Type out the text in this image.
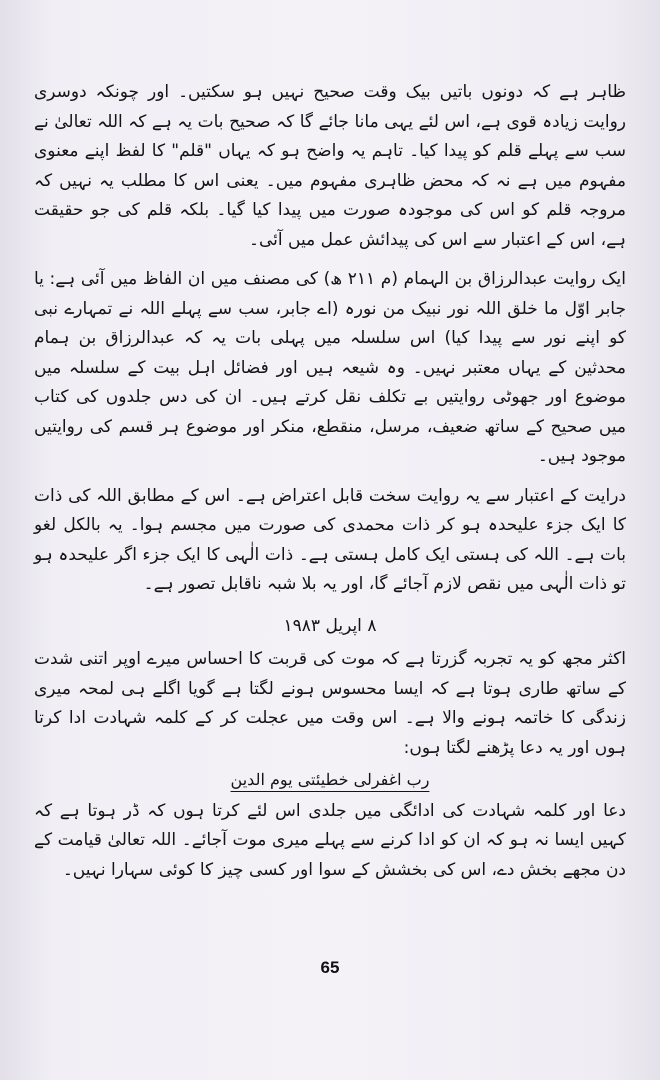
ظاہر ہے کہ دونوں باتیں بیک وقت صحیح نہیں ہو سکتیں۔ اور چونکہ دوسری روایت زیادہ قوی ہے، اس لئے یہی مانا جائے گا کہ صحیح بات یہ ہے کہ اللہ تعالیٰ نے سب سے پہلے قلم کو پیدا کیا۔ تاہم یہ واضح ہو کہ یہاں "قلم" کا لفظ اپنے معنوی مفہوم میں ہے نہ کہ محض ظاہری مفہوم میں۔ یعنی اس کا مطلب یہ نہیں کہ مروجہ قلم کو اس کی موجودہ صورت میں پیدا کیا گیا۔ بلکہ قلم کی جو حقیقت ہے، اس کے اعتبار سے اس کی پیدائش عمل میں آئی۔

ایک روایت عبدالرزاق بن الہمام (م ۲۱۱ ھ) کی مصنف میں ان الفاظ میں آئی ہے: یا جابر اوّل ما خلق اللہ نور نبیک من نورہ (اے جابر، سب سے پہلے اللہ نے تمہارے نبی کو اپنے نور سے پیدا کیا) اس سلسلہ میں پہلی بات یہ کہ عبدالرزاق بن ہمام محدثین کے یہاں معتبر نہیں۔ وہ شیعہ ہیں اور فضائل اہل بیت کے سلسلہ میں موضوع اور جھوٹی روایتیں بے تکلف نقل کرتے ہیں۔ ان کی دس جلدوں کی کتاب میں صحیح کے ساتھ ضعیف، مرسل، منقطع، منکر اور موضوع ہر قسم کی روایتیں موجود ہیں۔

درایت کے اعتبار سے یہ روایت سخت قابل اعتراض ہے۔ اس کے مطابق اللہ کی ذات کا ایک جزء علیحدہ ہو کر ذات محمدی کی صورت میں مجسم ہوا۔ یہ بالکل لغو بات ہے۔ اللہ کی ہستی ایک کامل ہستی ہے۔ ذات الٰہی کا ایک جزء اگر علیحدہ ہو تو ذات الٰہی میں نقص لازم آجائے گا، اور یہ بلا شبہ ناقابل تصور ہے۔

۸ اپریل ۱۹۸۳

اکثر مجھ کو یہ تجربہ گزرتا ہے کہ موت کی قربت کا احساس میرے اوپر اتنی شدت کے ساتھ طاری ہوتا ہے کہ ایسا محسوس ہونے لگتا ہے گویا اگلے ہی لمحہ میری زندگی کا خاتمہ ہونے والا ہے۔ اس وقت میں عجلت کر کے کلمہ شہادت ادا کرتا ہوں اور یہ دعا پڑھنے لگتا ہوں:

رب اغفرلی خطیئتی یوم الدین

دعا اور کلمہ شہادت کی ادائگی میں جلدی اس لئے کرتا ہوں کہ ڈر ہوتا ہے کہ کہیں ایسا نہ ہو کہ ان کو ادا کرنے سے پہلے میری موت آجائے۔ اللہ تعالیٰ قیامت کے دن مجھے بخش دے، اس کی بخشش کے سوا اور کسی چیز کا کوئی سہارا نہیں۔

65
